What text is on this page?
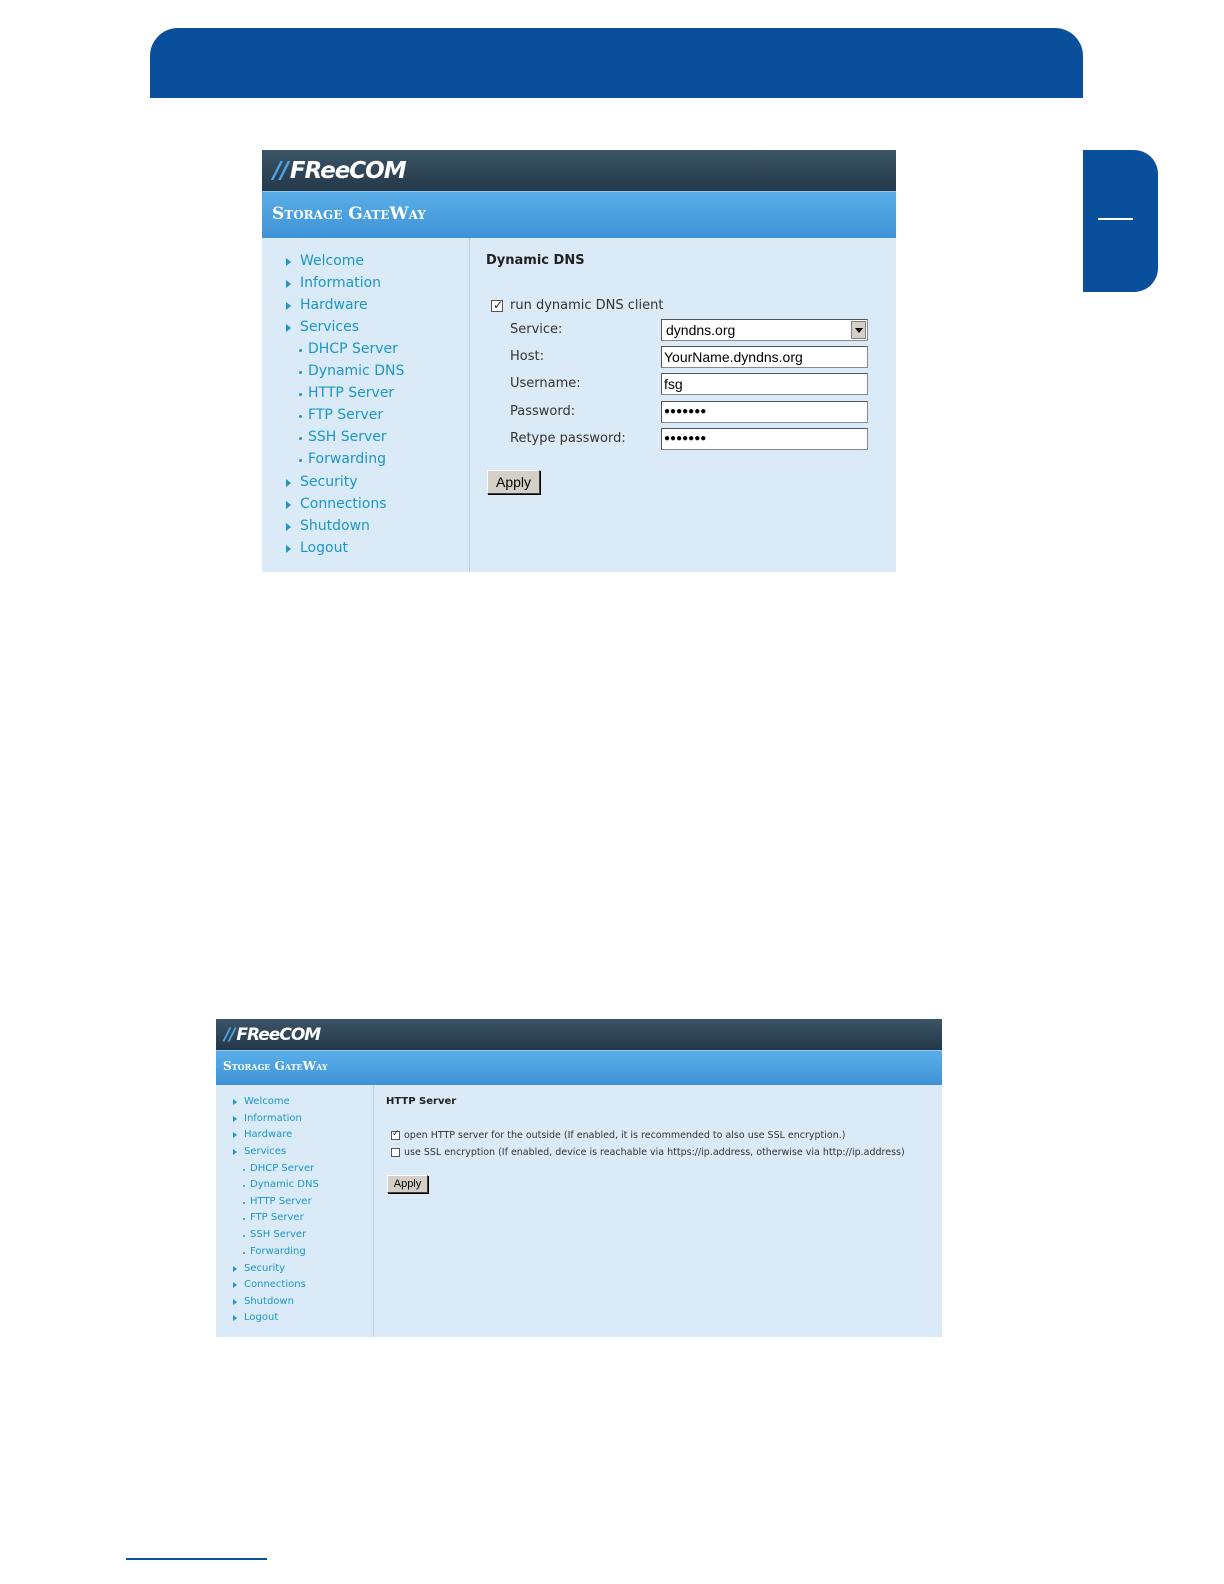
//FReeCOM
Storage GateWay
Welcome
Information
Hardware
Services
DHCP Server
Dynamic DNS
HTTP Server
FTP Server
SSH Server
Forwarding
Security
Connections
Shutdown
Logout
Dynamic DNS
✓ run dynamic DNS client
Service:	dyndns.org
Host:	YourName.dyndns.org
Username:	fsg
Password:	●●●●●●●
Retype password:	●●●●●●●
Apply
// FReeCOM
Storage GateWay
Welcome
Information
Hardware
Services
DHCP Server
Dynamic DNS
HTTP Server
FTP Server
SSH Server
Forwarding
Security
Connections
Shutdown
Logout
HTTP Server
✓ open HTTP server for the outside (If enabled, it is recommended to also use SSL encryption.)
use SSL encryption (If enabled, device is reachable via https://ip.address, otherwise via http://ip.address)
Apply
